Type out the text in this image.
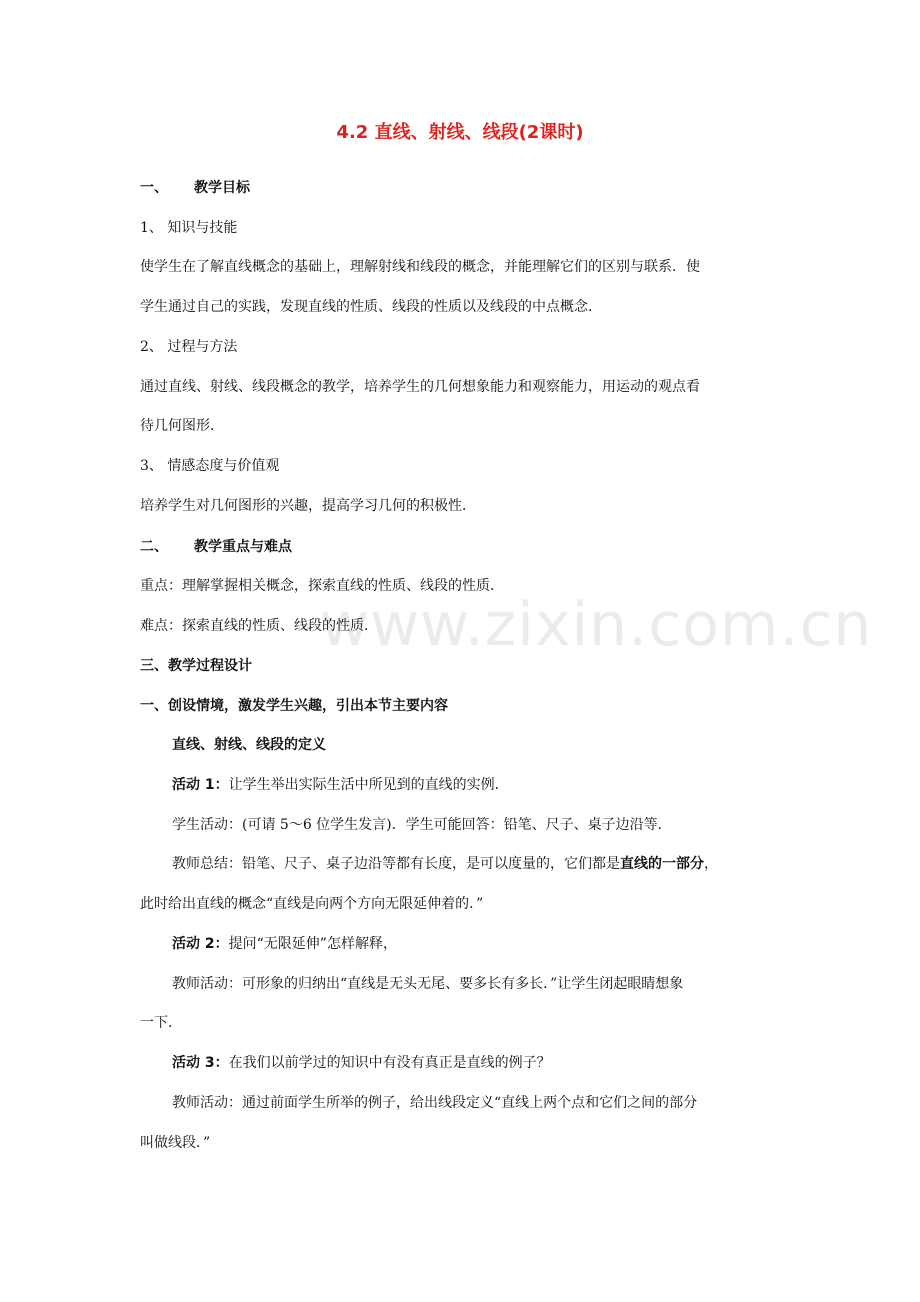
4.2 直线、射线、线段(2课时)
www.zixin.com.cn
一、 教学目标
1、 知识与技能
使学生在了解直线概念的基础上，理解射线和线段的概念，并能理解它们的区别与联系．使
学生通过自己的实践，发现直线的性质、线段的性质以及线段的中点概念．
2、 过程与方法
通过直线、射线、线段概念的教学，培养学生的几何想象能力和观察能力，用运动的观点看
待几何图形．
3、 情感态度与价值观
培养学生对几何图形的兴趣，提高学习几何的积极性．
二、 教学重点与难点
重点：理解掌握相关概念，探索直线的性质、线段的性质．
难点：探索直线的性质、线段的性质．
三、教学过程设计
一、创设情境，激发学生兴趣，引出本节主要内容
直线、射线、线段的定义
活动 1：让学生举出实际生活中所见到的直线的实例．
学生活动：(可请 5～6 位学生发言)．学生可能回答：铅笔、尺子、桌子边沿等．
教师总结：铅笔、尺子、桌子边沿等都有长度，是可以度量的，它们都是直线的一部分，
此时给出直线的概念“直线是向两个方向无限延伸着的．”
活动 2：提问“无限延伸”怎样解释，
教师活动：可形象的归纳出“直线是无头无尾、要多长有多长．”让学生闭起眼睛想象
一下．
活动 3：在我们以前学过的知识中有没有真正是直线的例子？
教师活动：通过前面学生所举的例子，给出线段定义“直线上两个点和它们之间的部分
叫做线段．”
